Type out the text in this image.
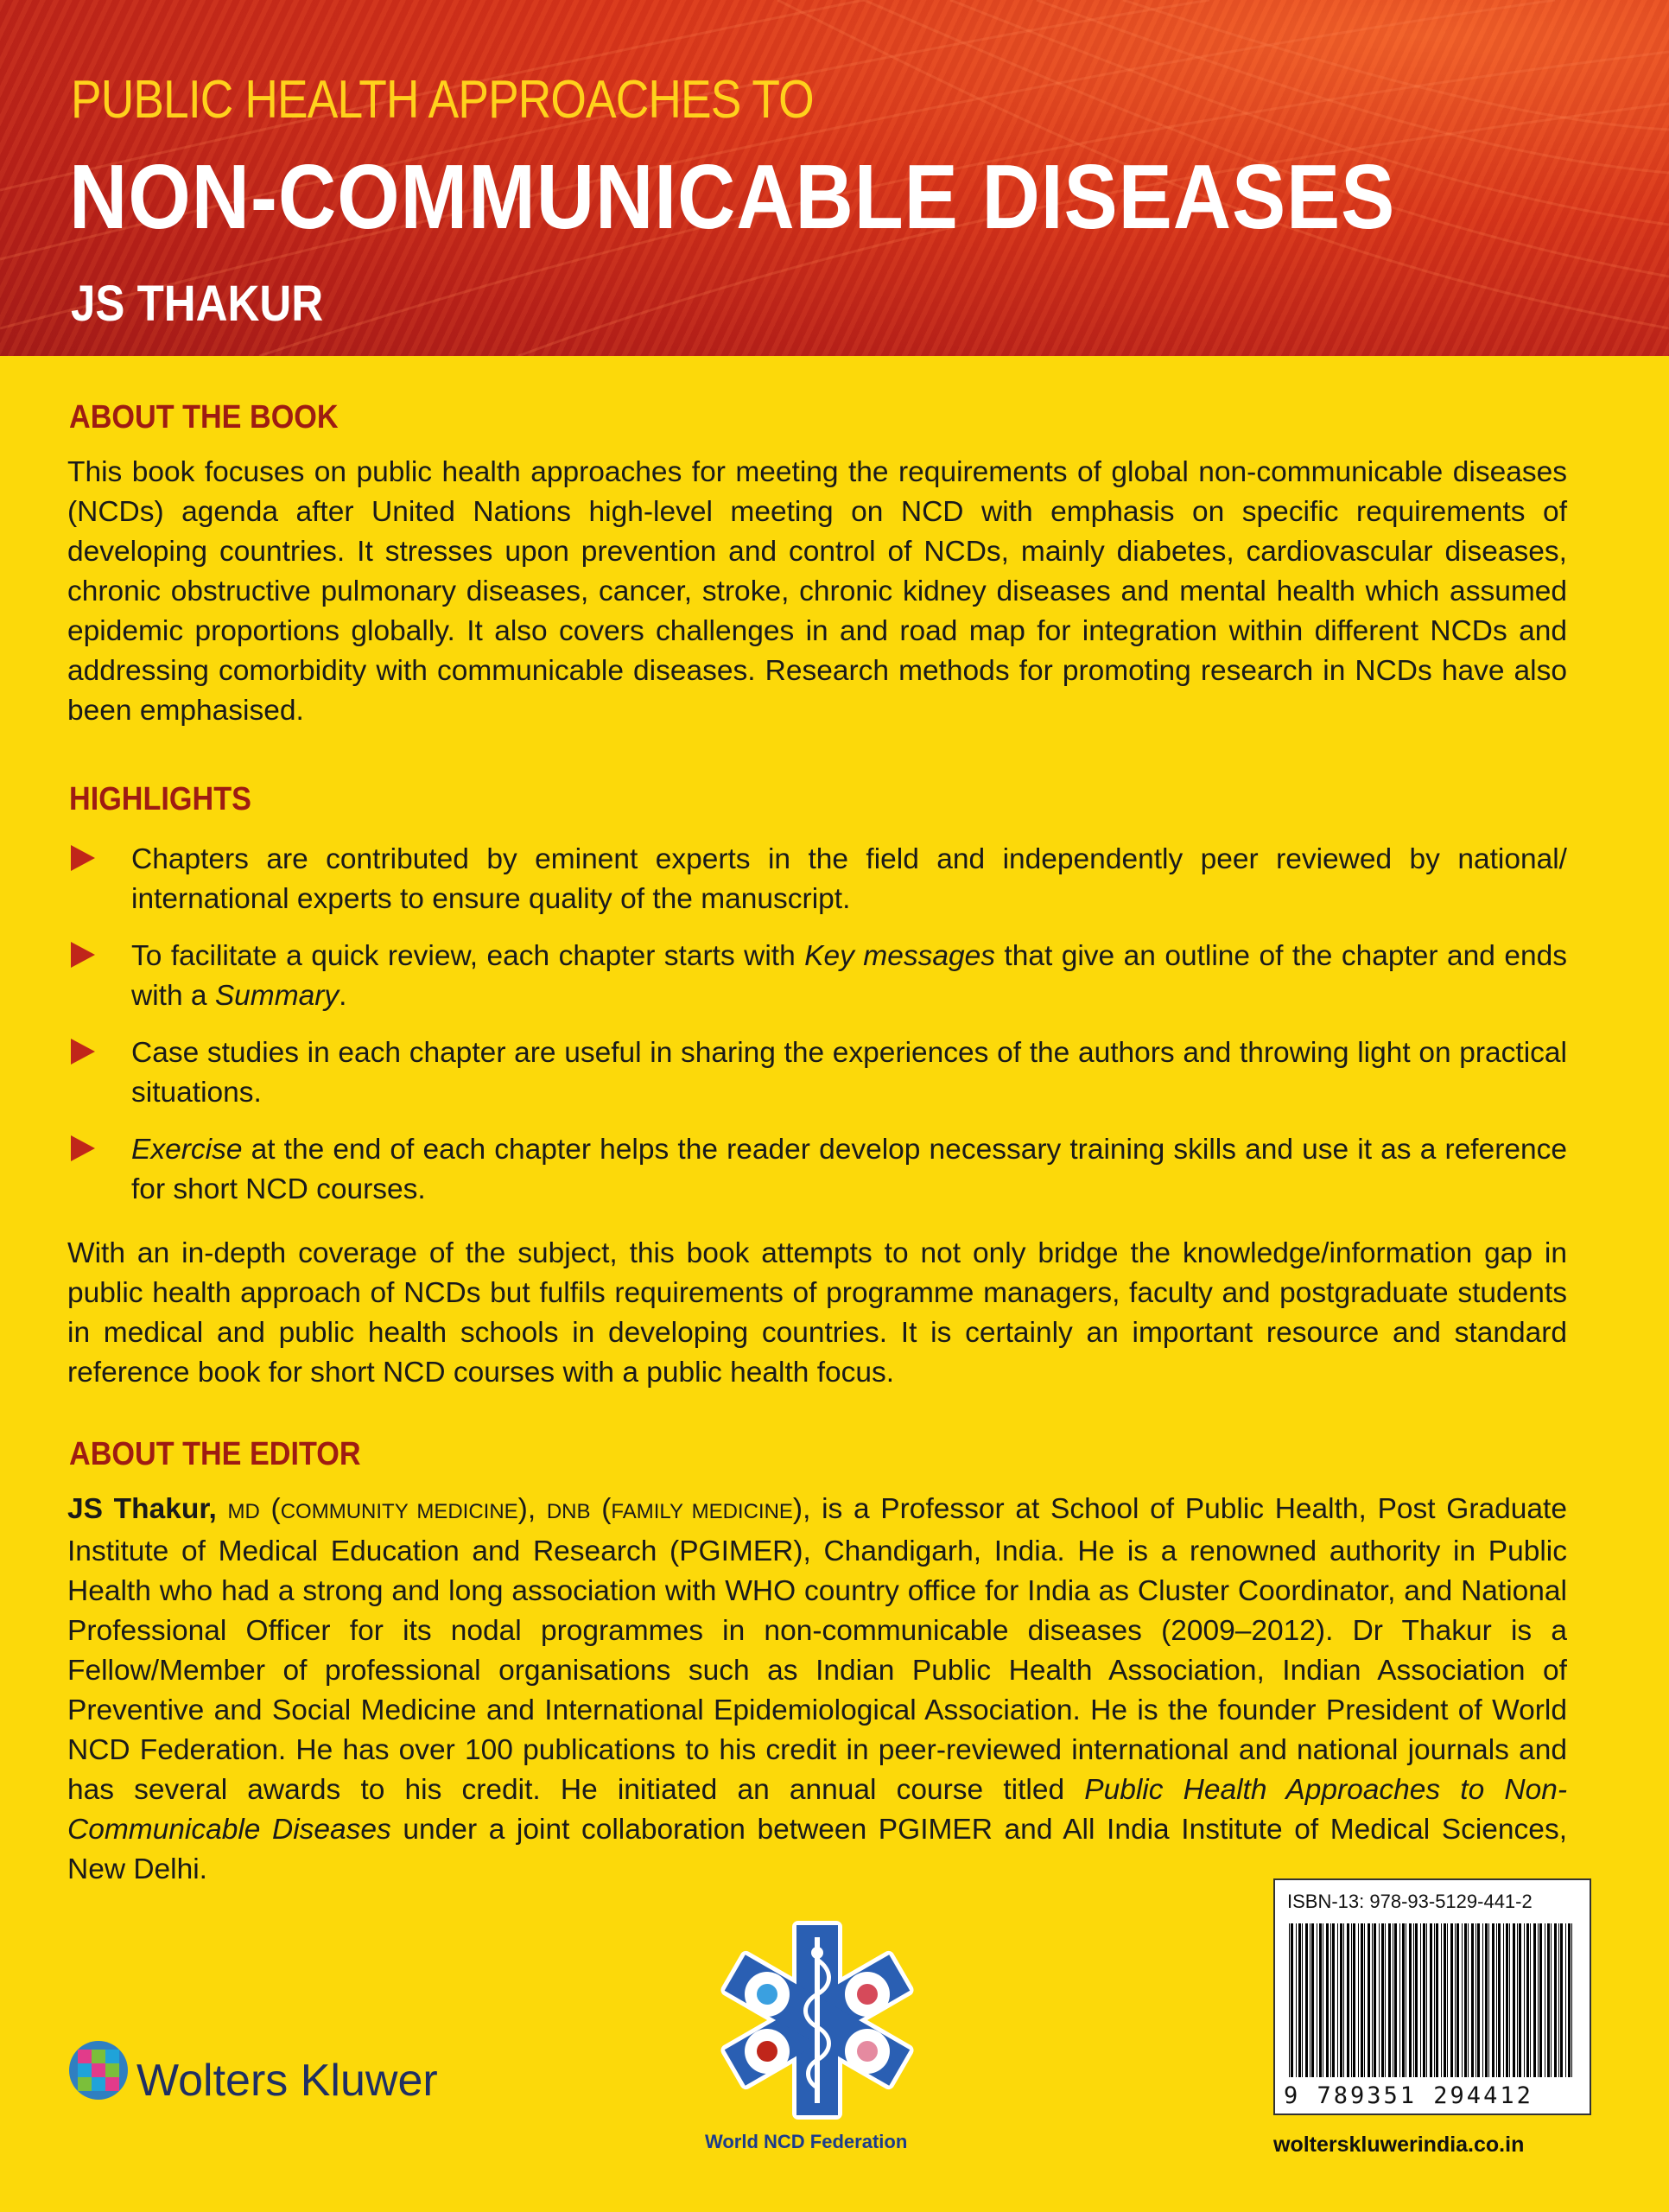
PUBLIC HEALTH APPROACHES TO
NON-COMMUNICABLE DISEASES
JS THAKUR
ABOUT THE BOOK

This book focuses on public health approaches for meeting the requirements of global non-communicable diseases (NCDs) agenda after United Nations high-level meeting on NCD with emphasis on specific requirements of developing countries. It stresses upon prevention and control of NCDs, mainly diabetes, cardiovascular diseases, chronic obstructive pulmonary diseases, cancer, stroke, chronic kidney diseases and mental health which assumed epidemic proportions globally. It also covers challenges in and road map for integration within different NCDs and addressing comorbidity with communicable diseases. Research methods for promoting research in NCDs have also been emphasised.

HIGHLIGHTS
Chapters are contributed by eminent experts in the field and independently peer reviewed by national/ international experts to ensure quality of the manuscript.
To facilitate a quick review, each chapter starts with Key messages that give an outline of the chapter and ends with a Summary.
Case studies in each chapter are useful in sharing the experiences of the authors and throwing light on practical situations.
Exercise at the end of each chapter helps the reader develop necessary training skills and use it as a reference for short NCD courses.

With an in-depth coverage of the subject, this book attempts to not only bridge the knowledge/information gap in public health approach of NCDs but fulfils requirements of programme managers, faculty and postgraduate students in medical and public health schools in developing countries. It is certainly an important resource and standard reference book for short NCD courses with a public health focus.

ABOUT THE EDITOR

JS Thakur, MD (COMMUNITY MEDICINE), DNB (FAMILY MEDICINE), is a Professor at School of Public Health, Post Graduate Institute of Medical Education and Research (PGIMER), Chandigarh, India. He is a renowned authority in Public Health who had a strong and long association with WHO country office for India as Cluster Coordinator, and National Professional Officer for its nodal programmes in non-communicable diseases (2009–2012). Dr Thakur is a Fellow/Member of professional organisations such as Indian Public Health Association, Indian Association of Preventive and Social Medicine and International Epidemiological Association. He is the founder President of World NCD Federation. He has over 100 publications to his credit in peer-reviewed international and national journals and has several awards to his credit. He initiated an annual course titled Public Health Approaches to Non-Communicable Diseases under a joint collaboration between PGIMER and All India Institute of Medical Sciences, New Delhi.

Wolters Kluwer
World NCD Federation
ISBN-13: 978-93-5129-441-2
9 789351 294412
wolterskluwerindia.co.in
